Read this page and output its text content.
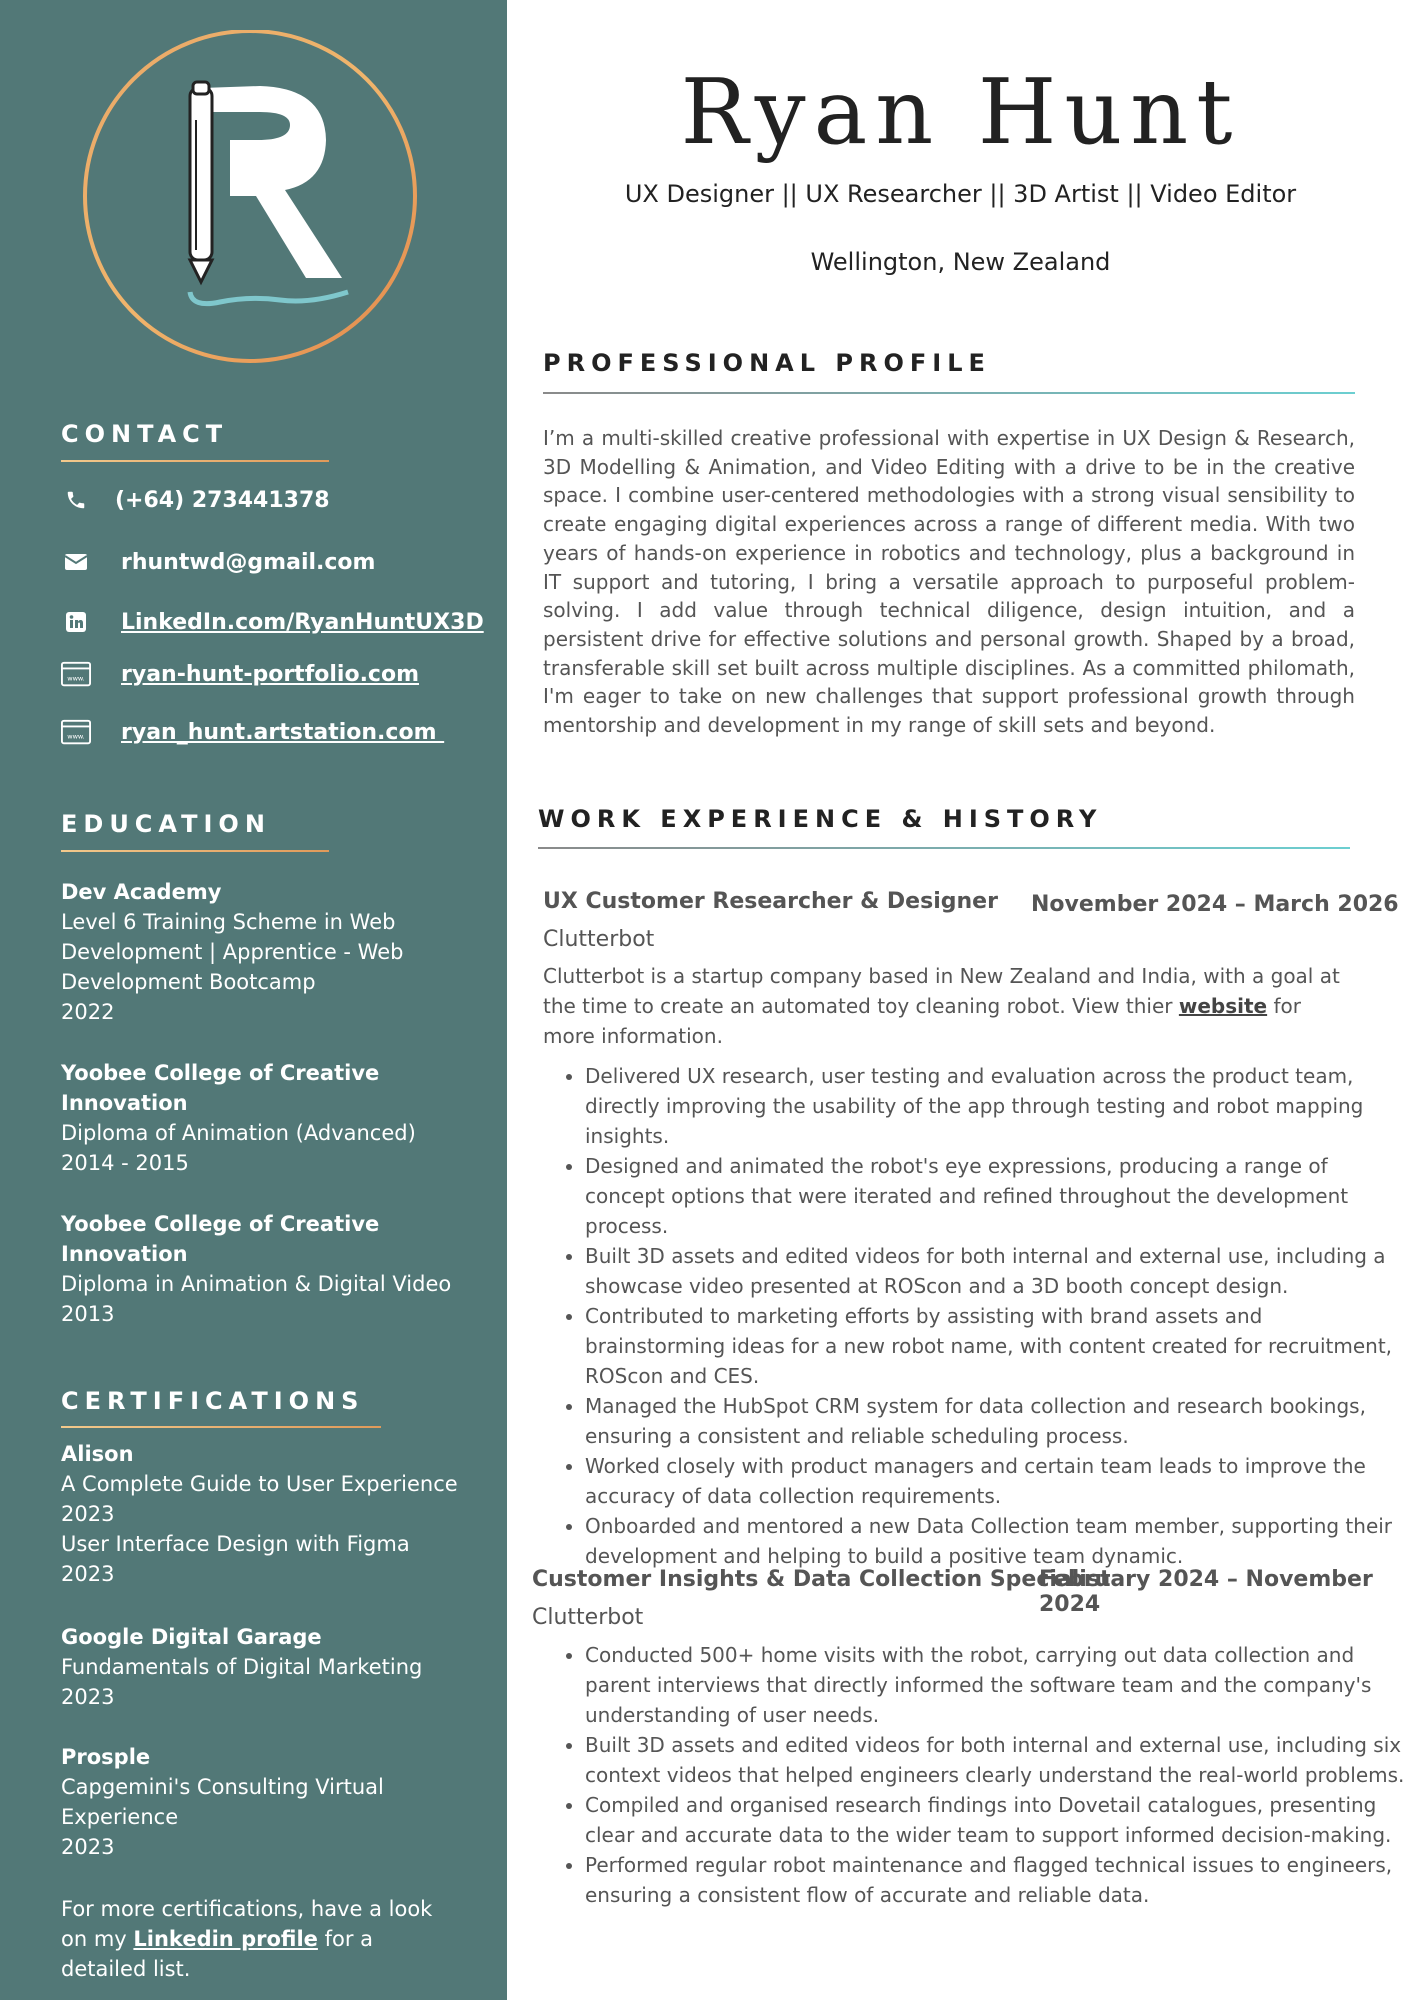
CONTACT
(+64) 273441378
rhuntwd@gmail.com
LinkedIn.com/RyanHuntUX3D
www. ryan-hunt-portfolio.com
www. ryan_hunt.artstation.com
EDUCATION
Dev Academy
Level 6 Training Scheme in Web Development | Apprentice - Web Development Bootcamp
2022
Yoobee College of Creative Innovation
Diploma of Animation (Advanced)
2014 - 2015
Yoobee College of Creative Innovation
Diploma in Animation & Digital Video
2013
CERTIFICATIONS
Alison
A Complete Guide to User Experience
2023
User Interface Design with Figma
2023
Google Digital Garage
Fundamentals of Digital Marketing
2023
Prosple
Capgemini's Consulting Virtual Experience
2023
For more certifications, have a look on my Linkedin profile for a detailed list.
Ryan Hunt
UX Designer || UX Researcher || 3D Artist || Video Editor
Wellington, New Zealand
PROFESSIONAL PROFILE

I’m a multi-skilled creative professional with expertise in UX Design & Research, 3D Modelling & Animation, and Video Editing with a drive to be in the creative space. I combine user-centered methodologies with a strong visual sensibility to create engaging digital experiences across a range of different media. With two years of hands-on experience in robotics and technology, plus a background in IT support and tutoring, I bring a versatile approach to purposeful problem-solving. I add value through technical diligence, design intuition, and a persistent drive for effective solutions and personal growth. Shaped by a broad, transferable skill set built across multiple disciplines. As a committed philomath, I'm eager to take on new challenges that support professional growth through mentorship and development in my range of skill sets and beyond.

WORK EXPERIENCE & HISTORY
UX Customer Researcher & Designer November 2024 – March 2026
Clutterbot

Clutterbot is a startup company based in New Zealand and India, with a goal at the time to create an automated toy cleaning robot. View thier website for more information.

• Delivered UX research, user testing and evaluation across the product team, directly improving the usability of the app through testing and robot mapping insights.
• Designed and animated the robot's eye expressions, producing a range of concept options that were iterated and refined throughout the development process.
• Built 3D assets and edited videos for both internal and external use, including a showcase video presented at ROScon and a 3D booth concept design.
• Contributed to marketing efforts by assisting with brand assets and brainstorming ideas for a new robot name, with content created for recruitment, ROScon and CES.
• Managed the HubSpot CRM system for data collection and research bookings, ensuring a consistent and reliable scheduling process.
• Worked closely with product managers and certain team leads to improve the accuracy of data collection requirements.
• Onboarded and mentored a new Data Collection team member, supporting their development and helping to build a positive team dynamic.
Customer Insights & Data Collection Specialist
February 2024 – November 2024
Clutterbot
• Conducted 500+ home visits with the robot, carrying out data collection and parent interviews that directly informed the software team and the company's understanding of user needs.
• Built 3D assets and edited videos for both internal and external use, including six context videos that helped engineers clearly understand the real-world problems.
• Compiled and organised research findings into Dovetail catalogues, presenting clear and accurate data to the wider team to support informed decision-making.
• Performed regular robot maintenance and flagged technical issues to engineers, ensuring a consistent flow of accurate and reliable data.
